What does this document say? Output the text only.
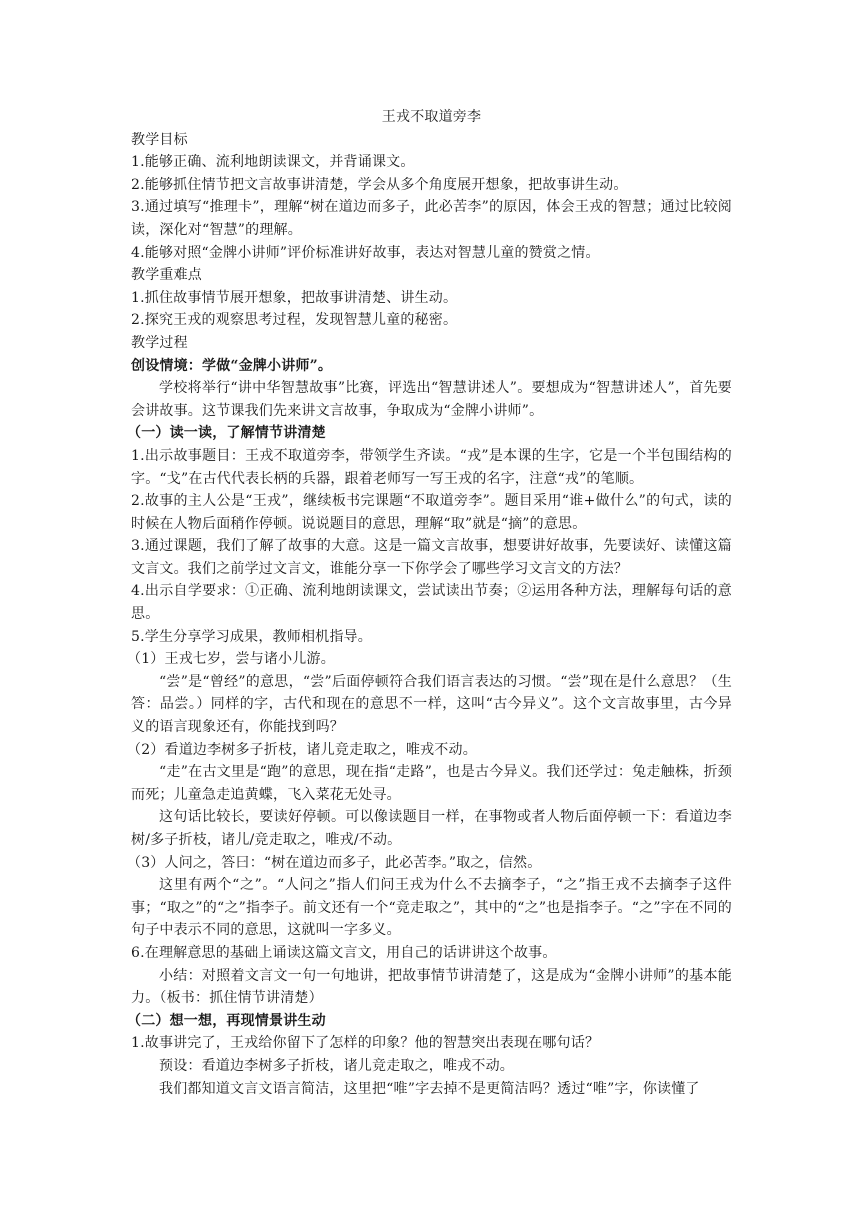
王戎不取道旁李

教学目标

1.能够正确、流利地朗读课文，并背诵课文。

2.能够抓住情节把文言故事讲清楚，学会从多个角度展开想象，把故事讲生动。

3.通过填写“推理卡”，理解“树在道边而多子，此必苦李”的原因，体会王戎的智慧；通过比较阅读，深化对“智慧”的理解。

4.能够对照“金牌小讲师”评价标准讲好故事，表达对智慧儿童的赞赏之情。

教学重难点

1.抓住故事情节展开想象，把故事讲清楚、讲生动。

2.探究王戎的观察思考过程，发现智慧儿童的秘密。

教学过程

创设情境：学做“金牌小讲师”。

学校将举行“讲中华智慧故事”比赛，评选出“智慧讲述人”。要想成为“智慧讲述人”，首先要会讲故事。这节课我们先来讲文言故事，争取成为“金牌小讲师”。

（一）读一读，了解情节讲清楚

1.出示故事题目：王戎不取道旁李，带领学生齐读。“戎”是本课的生字，它是一个半包围结构的字。“戈”在古代代表长柄的兵器，跟着老师写一写王戎的名字，注意“戎”的笔顺。

2.故事的主人公是“王戎”，继续板书完课题“不取道旁李”。题目采用“谁+做什么”的句式，读的时候在人物后面稍作停顿。说说题目的意思，理解“取”就是“摘”的意思。

3.通过课题，我们了解了故事的大意。这是一篇文言故事，想要讲好故事，先要读好、读懂这篇文言文。我们之前学过文言文，谁能分享一下你学会了哪些学习文言文的方法？

4.出示自学要求：①正确、流利地朗读课文，尝试读出节奏；②运用各种方法，理解每句话的意思。

5.学生分享学习成果，教师相机指导。

（1）王戎七岁，尝与诸小儿游。

“尝”是“曾经”的意思，“尝”后面停顿符合我们语言表达的习惯。“尝”现在是什么意思？（生答：品尝。）同样的字，古代和现在的意思不一样，这叫“古今异义”。这个文言故事里，古今异义的语言现象还有，你能找到吗？

（2）看道边李树多子折枝，诸儿竞走取之，唯戎不动。

“走”在古文里是“跑”的意思，现在指“走路”，也是古今异义。我们还学过：兔走触株，折颈而死；儿童急走追黄蝶，飞入菜花无处寻。

这句话比较长，要读好停顿。可以像读题目一样，在事物或者人物后面停顿一下：看道边李树/多子折枝，诸儿/竞走取之，唯戎/不动。

（3）人问之，答曰：“树在道边而多子，此必苦李。”取之，信然。

这里有两个“之”。“人问之”指人们问王戎为什么不去摘李子，“之”指王戎不去摘李子这件事；“取之”的“之”指李子。前文还有一个“竞走取之”，其中的“之”也是指李子。“之”字在不同的句子中表示不同的意思，这就叫一字多义。

6.在理解意思的基础上诵读这篇文言文，用自己的话讲讲这个故事。

小结：对照着文言文一句一句地讲，把故事情节讲清楚了，这是成为“金牌小讲师”的基本能力。（板书：抓住情节讲清楚）

（二）想一想，再现情景讲生动

1.故事讲完了，王戎给你留下了怎样的印象？他的智慧突出表现在哪句话？

预设：看道边李树多子折枝，诸儿竞走取之，唯戎不动。

我们都知道文言文语言简洁，这里把“唯”字去掉不是更简洁吗？透过“唯”字，你读懂了
